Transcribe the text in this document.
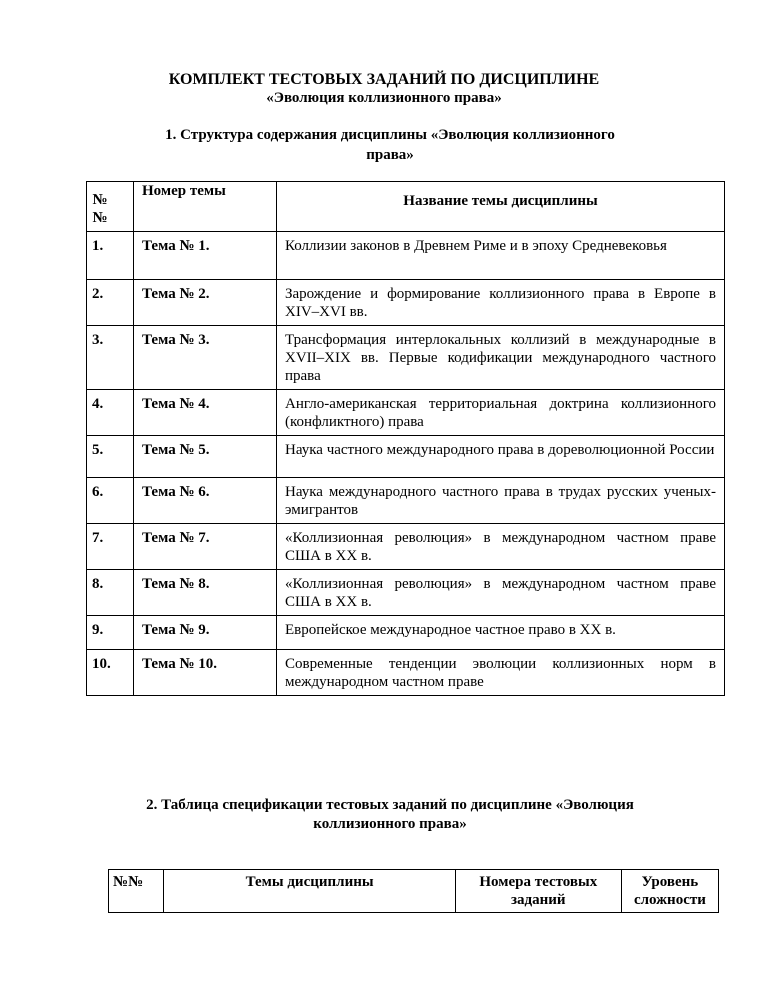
КОМПЛЕКТ ТЕСТОВЫХ ЗАДАНИЙ ПО ДИСЦИПЛИНЕ
«Эволюция коллизионного права»
1. Структура содержания дисциплины «Эволюция коллизионного права»
№ №	Номер темы	Название темы дисциплины
1.	Тема № 1.	Коллизии законов в Древнем Риме и в эпоху Средневековья
2.	Тема № 2.	Зарождение и формирование коллизионного права в Европе в XIV–XVI вв.
3.	Тема № 3.	Трансформация интерлокальных коллизий в международные в XVII–XIX вв. Первые кодификации международного частного права
4.	Тема № 4.	Англо-американская территориальная доктрина коллизионного (конфликтного) права
5.	Тема № 5.	Наука частного международного права в дореволюционной России
6.	Тема № 6.	Наука международного частного права в трудах русских ученых-эмигрантов
7.	Тема № 7.	«Коллизионная революция» в международном частном праве США в XX в.
8.	Тема № 8.	«Коллизионная революция» в международном частном праве США в XX в.
9.	Тема № 9.	Европейское международное частное право в XX в.
10.	Тема № 10.	Современные тенденции эволюции коллизионных норм в международном частном праве
2. Таблица спецификации тестовых заданий по дисциплине «Эволюция коллизионного права»
№№	Темы дисциплины	Номера тестовых заданий	Уровень сложности
